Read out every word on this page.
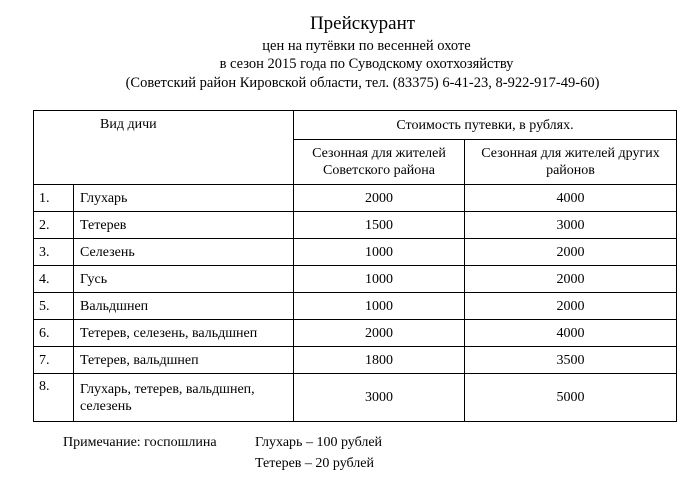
Прейскурант
цен на путёвки по весенней охоте
в сезон 2015 года по Суводскому охотхозяйству
(Советский район Кировской области, тел. (83375) 6-41-23, 8-922-917-49-60)
Вид дичи		Стоимость путевки, в рублях.	
		Сезонная для жителей Советского района	Сезонная для жителей других районов
1.	Глухарь	2000	4000
2.	Тетерев	1500	3000
3.	Селезень	1000	2000
4.	Гусь	1000	2000
5.	Вальдшнеп	1000	2000
6.	Тетерев, селезень, вальдшнеп	2000	4000
7.	Тетерев, вальдшнеп	1800	3500
8.	Глухарь, тетерев, вальдшнеп, селезень	3000	5000
Примечание: госпошлина	Глухарь – 100 рублей
Тетерев – 20 рублей
